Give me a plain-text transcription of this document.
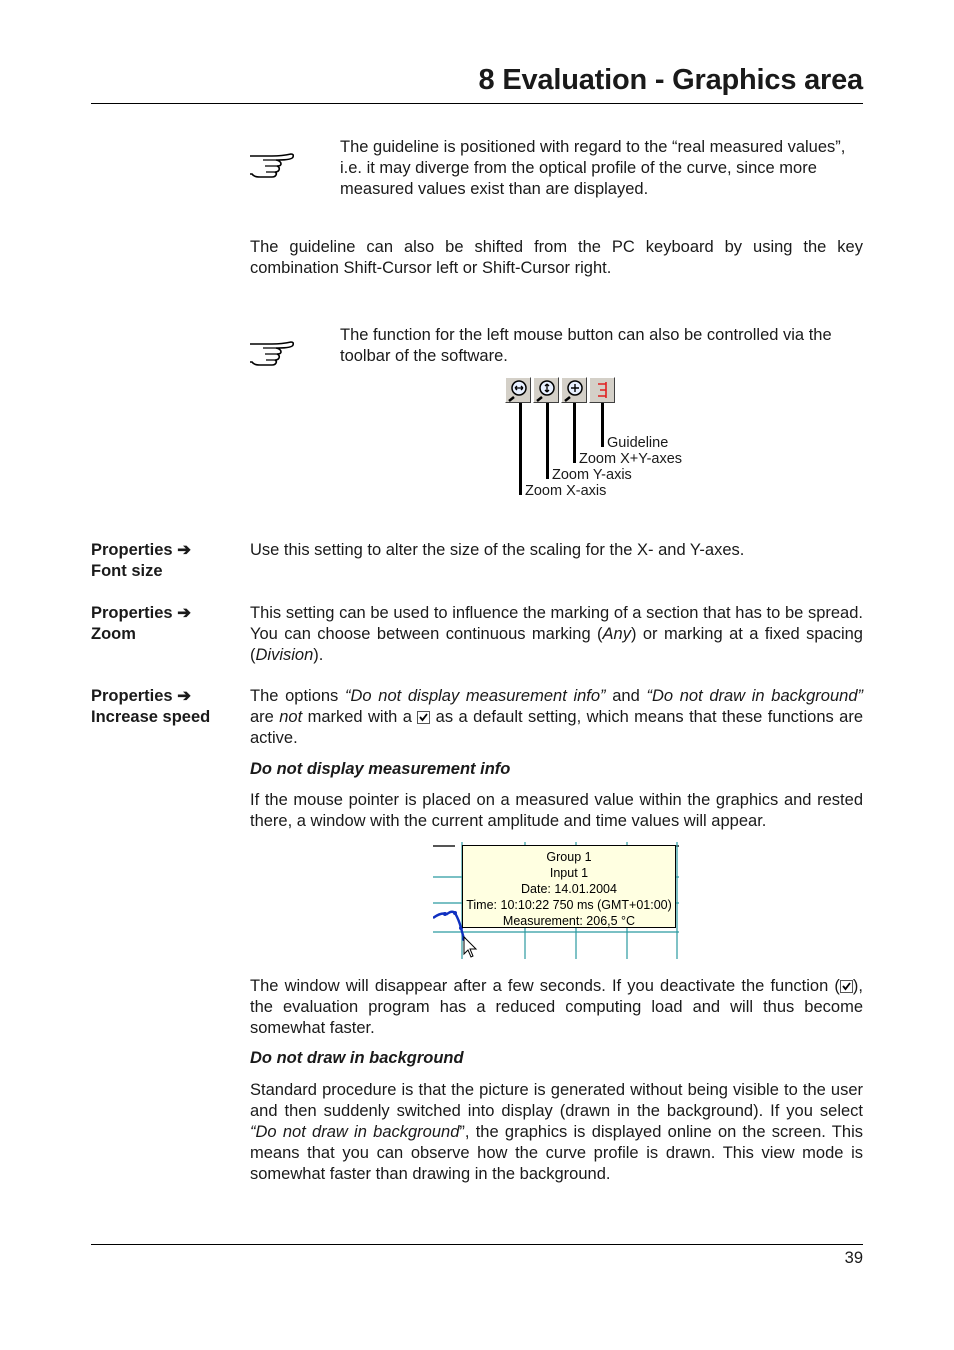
8 Evaluation - Graphics area
The guideline is positioned with regard to the “real measured values”, i.e. it may diverge from the optical profile of the curve, since more measured values exist than are displayed.
The guideline can also be shifted from the PC keyboard by using the key combination Shift-Cursor left or Shift-Cursor right.
The function for the left mouse button can also be controlled via the toolbar of the software.
Guideline
Zoom X+Y-axes
Zoom Y-axis
Zoom X-axis
Properties ➔
Font size
Use this setting to alter the size of the scaling for the X- and Y-axes.
Properties ➔
Zoom
This setting can be used to influence the marking of a section that has to be spread. You can choose between continuous marking (Any) or marking at a fixed spacing (Division).
Properties ➔
Increase speed
The options “Do not display measurement info” and “Do not draw in background” are not marked with a
as a default setting, which means that these functions are active.
Do not display measurement info
If the mouse pointer is placed on a measured value within the graphics and rested there, a window with the current amplitude and time values will appear.
Group 1
Input 1
Date: 14.01.2004
Time: 10:10:22 750 ms (GMT+01:00)
Measurement: 206,5 °C
The window will disappear after a few seconds. If you deactivate the function ( ), the evaluation program has a reduced computing load and will thus become somewhat faster.
Do not draw in background
Standard procedure is that the picture is generated without being visible to the user and then suddenly switched into display (drawn in the background). If you select “Do not draw in background”, the graphics is displayed online on the screen. This means that you can observe how the curve profile is drawn. This view mode is somewhat faster than drawing in the background.
39
